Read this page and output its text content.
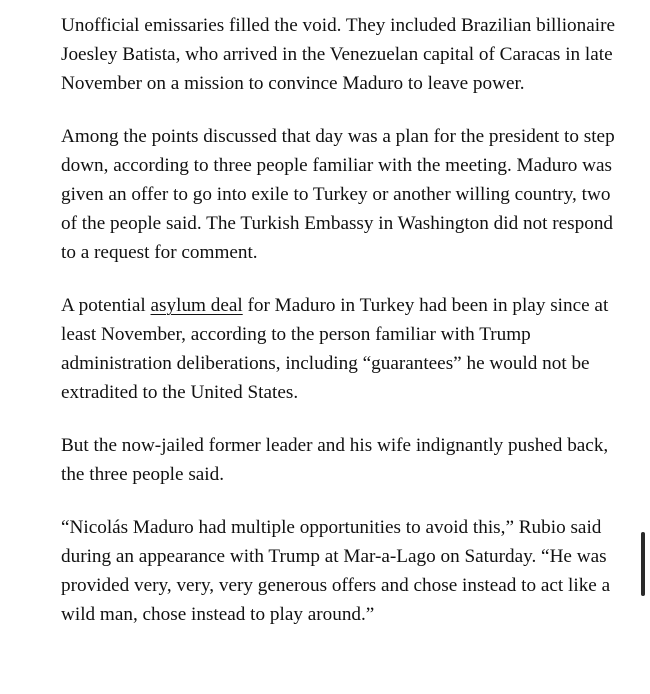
Unofficial emissaries filled the void. They included Brazilian billionaire Joesley Batista, who arrived in the Venezuelan capital of Caracas in late November on a mission to convince Maduro to leave power.

Among the points discussed that day was a plan for the president to step down, according to three people familiar with the meeting. Maduro was given an offer to go into exile to Turkey or another willing country, two of the people said. The Turkish Embassy in Washington did not respond to a request for comment.

A potential asylum deal for Maduro in Turkey had been in play since at least November, according to the person familiar with Trump administration deliberations, including “guarantees” he would not be extradited to the United States.

But the now-jailed former leader and his wife indignantly pushed back, the three people said.

“Nicolás Maduro had multiple opportunities to avoid this,” Rubio said during an appearance with Trump at Mar-a-Lago on Saturday. “He was provided very, very, very generous offers and chose instead to act like a wild man, chose instead to play around.”
